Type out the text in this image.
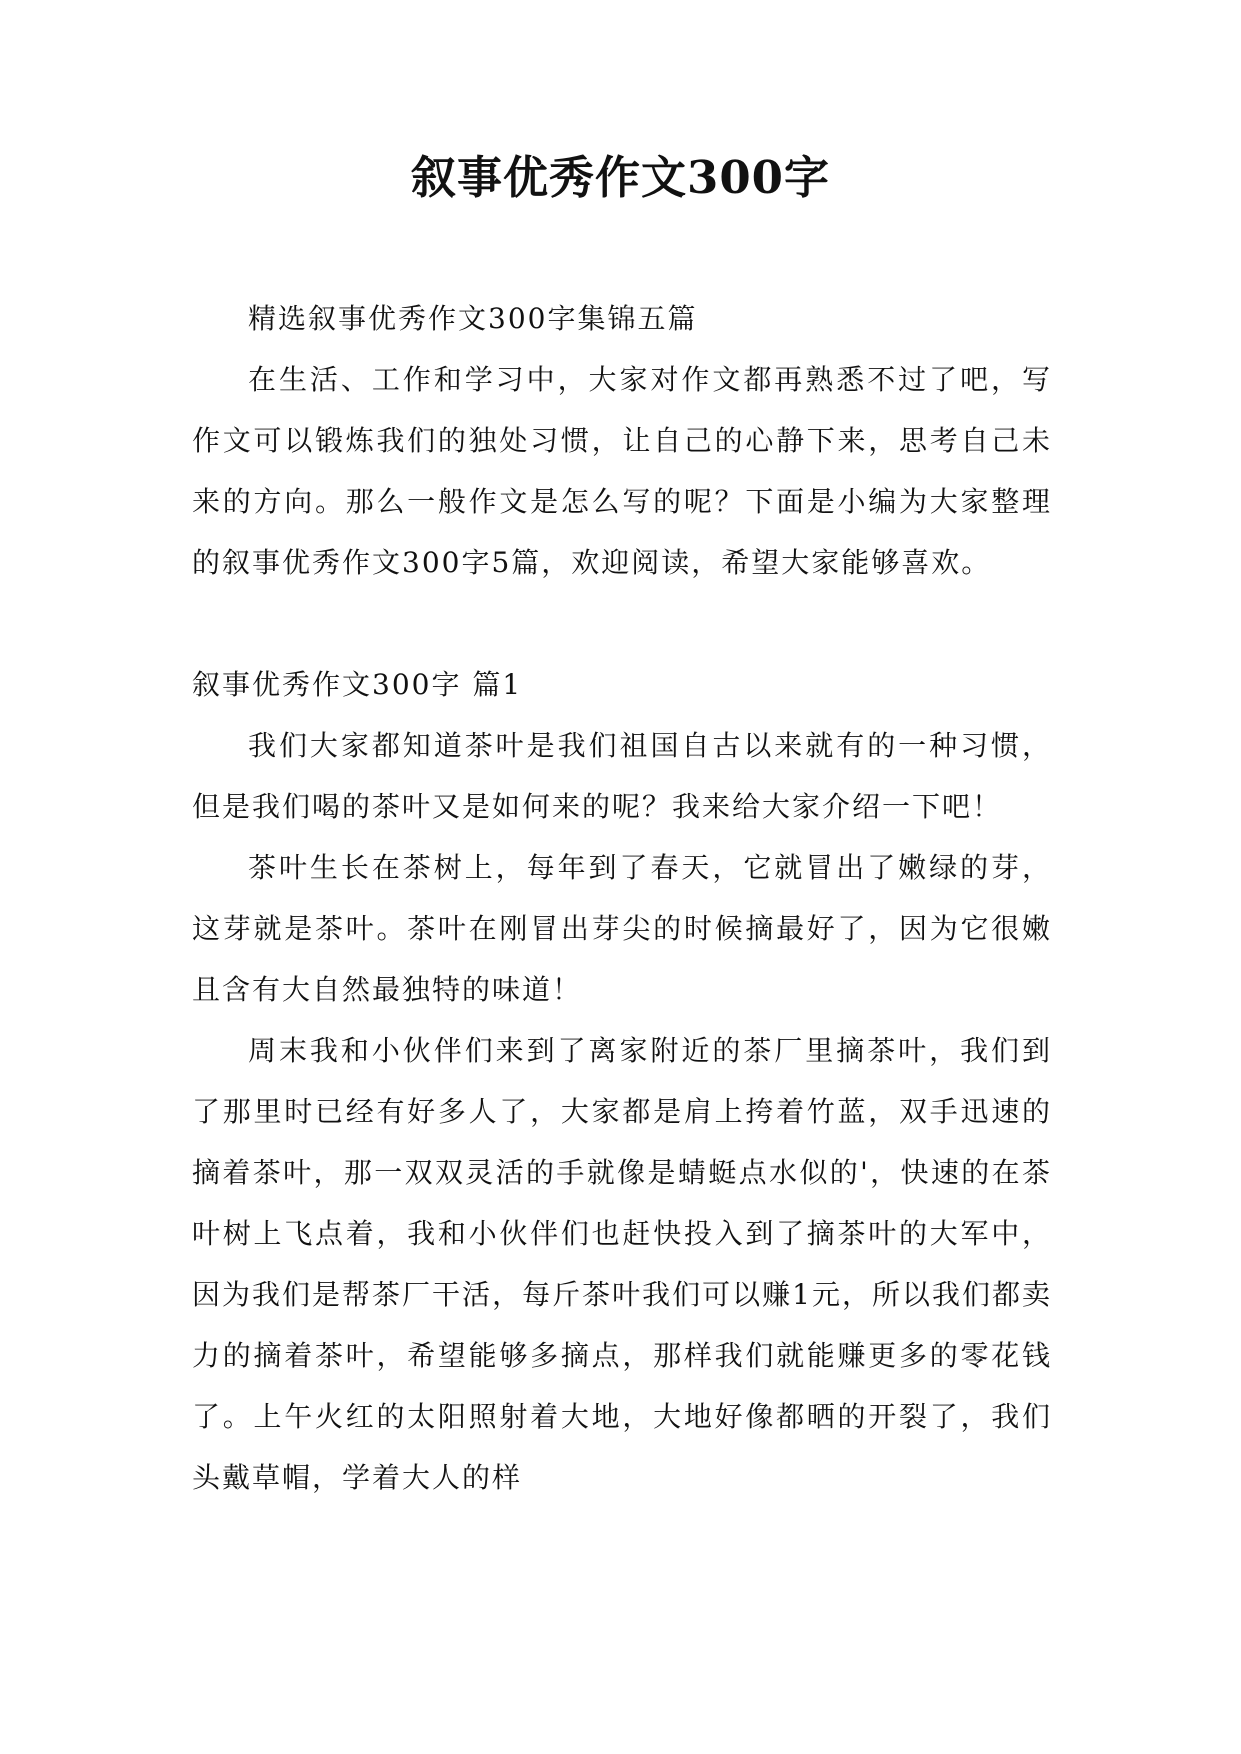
叙事优秀作文300字

精选叙事优秀作文300字集锦五篇

在生活、工作和学习中，大家对作文都再熟悉不过了吧，写作文可以锻炼我们的独处习惯，让自己的心静下来，思考自己未来的方向。那么一般作文是怎么写的呢？下面是小编为大家整理的叙事优秀作文300字5篇，欢迎阅读，希望大家能够喜欢。

叙事优秀作文300字 篇1

我们大家都知道茶叶是我们祖国自古以来就有的一种习惯，但是我们喝的茶叶又是如何来的呢？我来给大家介绍一下吧！

茶叶生长在茶树上，每年到了春天，它就冒出了嫩绿的芽，这芽就是茶叶。茶叶在刚冒出芽尖的时候摘最好了，因为它很嫩且含有大自然最独特的味道！

周末我和小伙伴们来到了离家附近的茶厂里摘茶叶，我们到了那里时已经有好多人了，大家都是肩上挎着竹蓝，双手迅速的摘着茶叶，那一双双灵活的手就像是蜻蜓点水似的'，快速的在茶叶树上飞点着，我和小伙伴们也赶快投入到了摘茶叶的大军中，因为我们是帮茶厂干活，每斤茶叶我们可以赚1元，所以我们都卖力的摘着茶叶，希望能够多摘点，那样我们就能赚更多的零花钱了。上午火红的太阳照射着大地，大地好像都晒的开裂了，我们头戴草帽，学着大人的样
